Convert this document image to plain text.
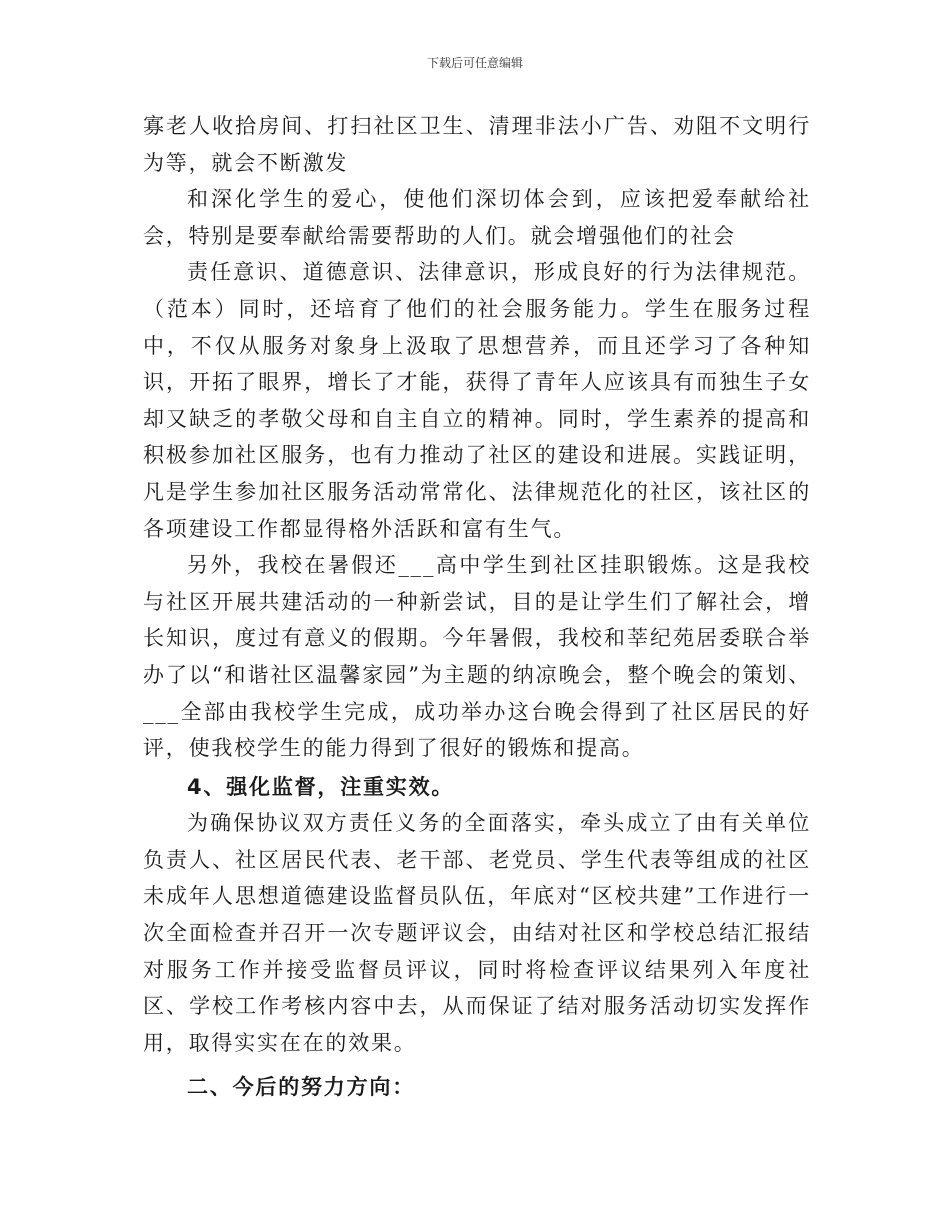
下载后可任意编辑

寡老人收拾房间、打扫社区卫生、清理非法小广告、劝阻不文明行为等，就会不断激发

和深化学生的爱心，使他们深切体会到，应该把爱奉献给社会，特别是要奉献给需要帮助的人们。就会增强他们的社会

责任意识、道德意识、法律意识，形成良好的行为法律规范。（范本）同时，还培育了他们的社会服务能力。学生在服务过程中，不仅从服务对象身上汲取了思想营养，而且还学习了各种知识，开拓了眼界，增长了才能，获得了青年人应该具有而独生子女却又缺乏的孝敬父母和自主自立的精神。同时，学生素养的提高和积极参加社区服务，也有力推动了社区的建设和进展。实践证明，凡是学生参加社区服务活动常常化、法律规范化的社区，该社区的各项建设工作都显得格外活跃和富有生气。

另外，我校在暑假还___高中学生到社区挂职锻炼。这是我校与社区开展共建活动的一种新尝试，目的是让学生们了解社会，增长知识，度过有意义的假期。今年暑假，我校和莘纪苑居委联合举办了以“和谐社区温馨家园”为主题的纳凉晚会，整个晚会的策划、___全部由我校学生完成，成功举办这台晚会得到了社区居民的好评，使我校学生的能力得到了很好的锻炼和提高。

4、强化监督，注重实效。

为确保协议双方责任义务的全面落实，牵头成立了由有关单位负责人、社区居民代表、老干部、老党员、学生代表等组成的社区未成年人思想道德建设监督员队伍，年底对“区校共建”工作进行一次全面检查并召开一次专题评议会，由结对社区和学校总结汇报结对服务工作并接受监督员评议，同时将检查评议结果列入年度社区、学校工作考核内容中去，从而保证了结对服务活动切实发挥作用，取得实实在在的效果。

二、今后的努力方向：
